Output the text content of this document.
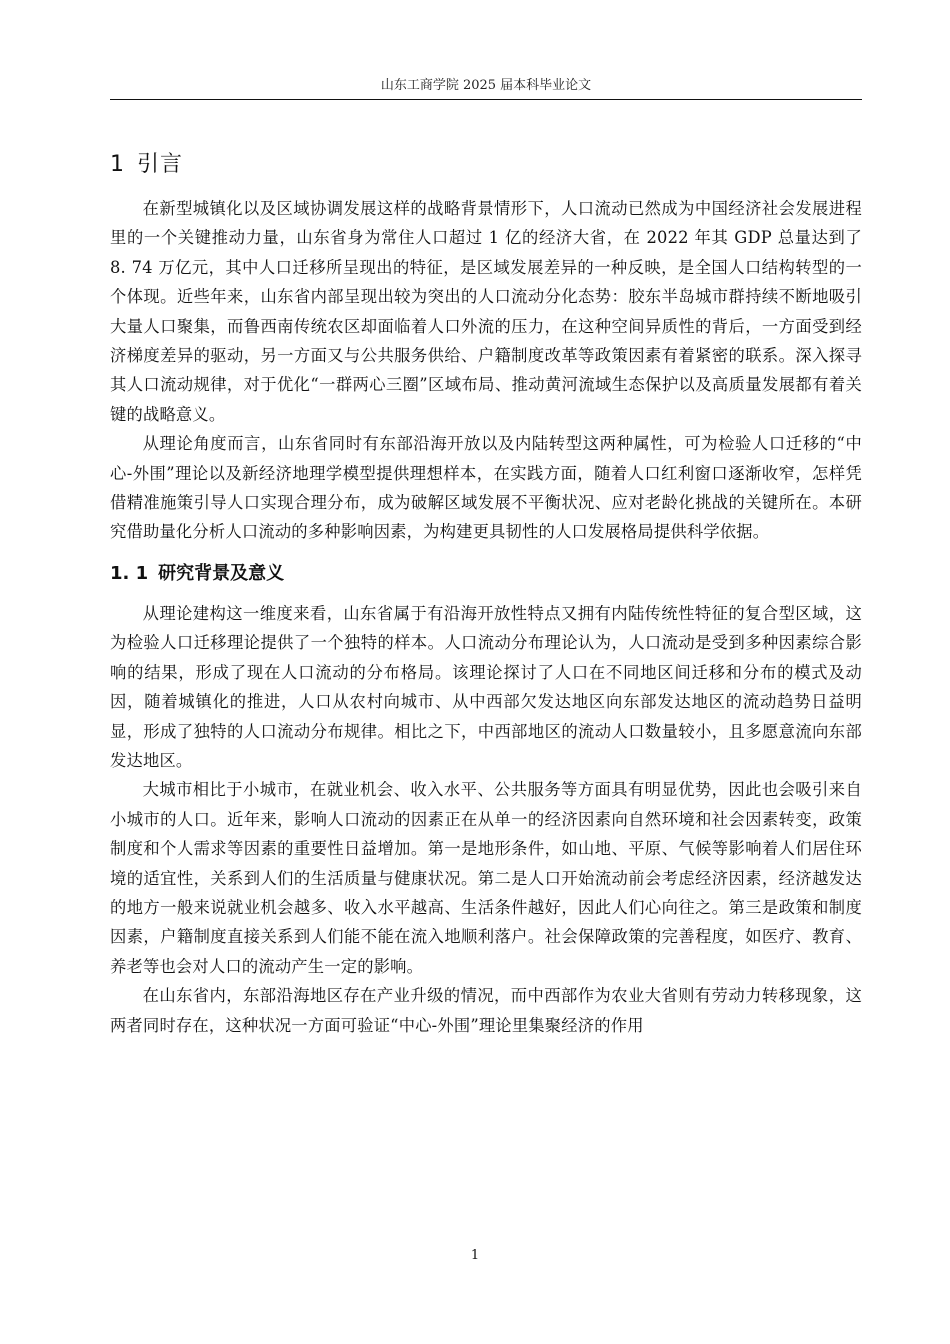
山东工商学院 2025 届本科毕业论文
1 引言

在新型城镇化以及区域协调发展这样的战略背景情形下，人口流动已然成为中国经济社会发展进程里的一个关键推动力量，山东省身为常住人口超过 1 亿的经济大省，在 2022 年其 GDP 总量达到了 8. 74 万亿元，其中人口迁移所呈现出的特征，是区域发展差异的一种反映，是全国人口结构转型的一个体现。近些年来，山东省内部呈现出较为突出的人口流动分化态势：胶东半岛城市群持续不断地吸引大量人口聚集，而鲁西南传统农区却面临着人口外流的压力，在这种空间异质性的背后，一方面受到经济梯度差异的驱动，另一方面又与公共服务供给、户籍制度改革等政策因素有着紧密的联系。深入探寻其人口流动规律，对于优化“一群两心三圈”区域布局、推动黄河流域生态保护以及高质量发展都有着关键的战略意义。

从理论角度而言，山东省同时有东部沿海开放以及内陆转型这两种属性，可为检验人口迁移的“中心-外围”理论以及新经济地理学模型提供理想样本，在实践方面，随着人口红利窗口逐渐收窄，怎样凭借精准施策引导人口实现合理分布，成为破解区域发展不平衡状况、应对老龄化挑战的关键所在。本研究借助量化分析人口流动的多种影响因素，为构建更具韧性的人口发展格局提供科学依据。

1. 1 研究背景及意义

从理论建构这一维度来看，山东省属于有沿海开放性特点又拥有内陆传统性特征的复合型区域，这为检验人口迁移理论提供了一个独特的样本。人口流动分布理论认为，人口流动是受到多种因素综合影响的结果，形成了现在人口流动的分布格局。该理论探讨了人口在不同地区间迁移和分布的模式及动因，随着城镇化的推进，人口从农村向城市、从中西部欠发达地区向东部发达地区的流动趋势日益明显，形成了独特的人口流动分布规律。相比之下，中西部地区的流动人口数量较小，且多愿意流向东部发达地区。

大城市相比于小城市，在就业机会、收入水平、公共服务等方面具有明显优势，因此也会吸引来自小城市的人口。近年来，影响人口流动的因素正在从单一的经济因素向自然环境和社会因素转变，政策制度和个人需求等因素的重要性日益增加。第一是地形条件，如山地、平原、气候等影响着人们居住环境的适宜性，关系到人们的生活质量与健康状况。第二是人口开始流动前会考虑经济因素，经济越发达的地方一般来说就业机会越多、收入水平越高、生活条件越好，因此人们心向往之。第三是政策和制度因素，户籍制度直接关系到人们能不能在流入地顺利落户。社会保障政策的完善程度，如医疗、教育、养老等也会对人口的流动产生一定的影响。

在山东省内，东部沿海地区存在产业升级的情况，而中西部作为农业大省则有劳动力转移现象，这两者同时存在，这种状况一方面可验证“中心-外围”理论里集聚经济的作用

1
